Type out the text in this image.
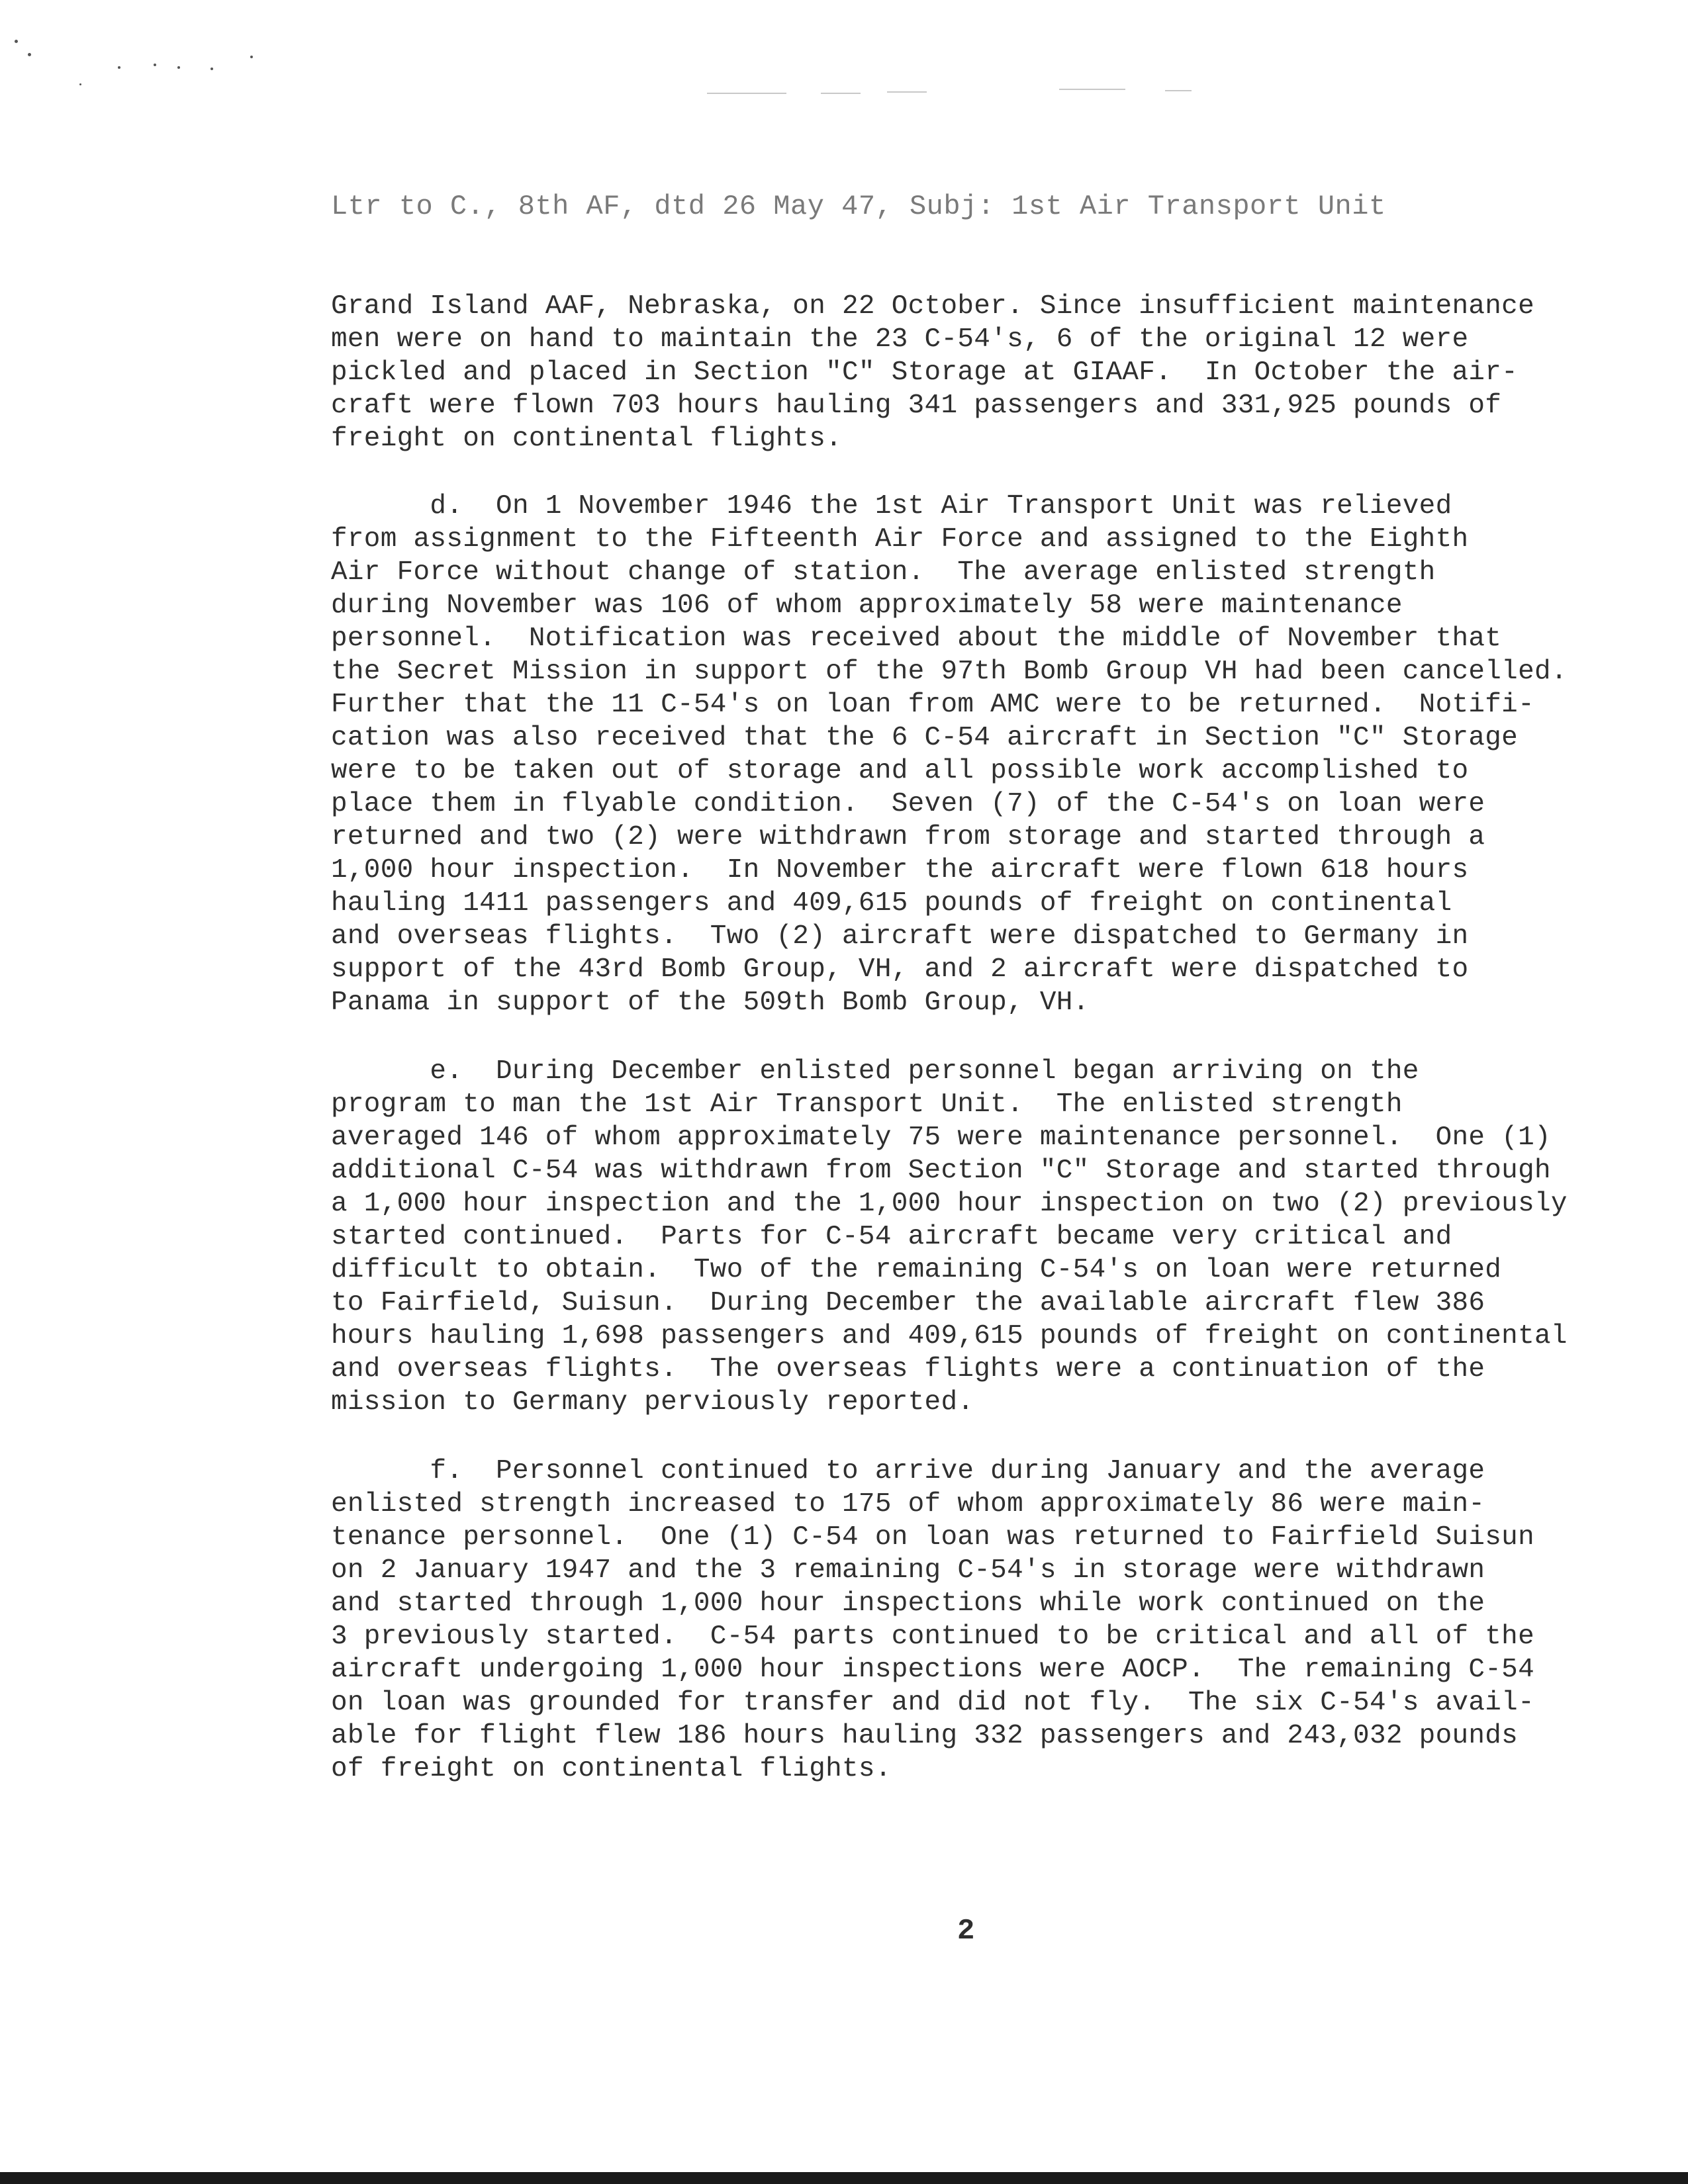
Ltr to C., 8th AF, dtd 26 May 47, Subj: 1st Air Transport Unit
Grand Island AAF, Nebraska, on 22 October. Since insufficient maintenance
men were on hand to maintain the 23 C-54's, 6 of the original 12 were
pickled and placed in Section "C" Storage at GIAAF.  In October the air-
craft were flown 703 hours hauling 341 passengers and 331,925 pounds of
freight on continental flights.
d.  On 1 November 1946 the 1st Air Transport Unit was relieved
from assignment to the Fifteenth Air Force and assigned to the Eighth
Air Force without change of station.  The average enlisted strength
during November was 106 of whom approximately 58 were maintenance
personnel.  Notification was received about the middle of November that
the Secret Mission in support of the 97th Bomb Group VH had been cancelled.
Further that the 11 C-54's on loan from AMC were to be returned.  Notifi-
cation was also received that the 6 C-54 aircraft in Section "C" Storage
were to be taken out of storage and all possible work accomplished to
place them in flyable condition.  Seven (7) of the C-54's on loan were
returned and two (2) were withdrawn from storage and started through a
1,000 hour inspection.  In November the aircraft were flown 618 hours
hauling 1411 passengers and 409,615 pounds of freight on continental
and overseas flights.  Two (2) aircraft were dispatched to Germany in
support of the 43rd Bomb Group, VH, and 2 aircraft were dispatched to
Panama in support of the 509th Bomb Group, VH.
e.  During December enlisted personnel began arriving on the
program to man the 1st Air Transport Unit.  The enlisted strength
averaged 146 of whom approximately 75 were maintenance personnel.  One (1)
additional C-54 was withdrawn from Section "C" Storage and started through
a 1,000 hour inspection and the 1,000 hour inspection on two (2) previously
started continued.  Parts for C-54 aircraft became very critical and
difficult to obtain.  Two of the remaining C-54's on loan were returned
to Fairfield, Suisun.  During December the available aircraft flew 386
hours hauling 1,698 passengers and 409,615 pounds of freight on continental
and overseas flights.  The overseas flights were a continuation of the
mission to Germany perviously reported.
f.  Personnel continued to arrive during January and the average
enlisted strength increased to 175 of whom approximately 86 were main-
tenance personnel.  One (1) C-54 on loan was returned to Fairfield Suisun
on 2 January 1947 and the 3 remaining C-54's in storage were withdrawn
and started through 1,000 hour inspections while work continued on the
3 previously started.  C-54 parts continued to be critical and all of the
aircraft undergoing 1,000 hour inspections were AOCP.  The remaining C-54
on loan was grounded for transfer and did not fly.  The six C-54's avail-
able for flight flew 186 hours hauling 332 passengers and 243,032 pounds
of freight on continental flights.
2
